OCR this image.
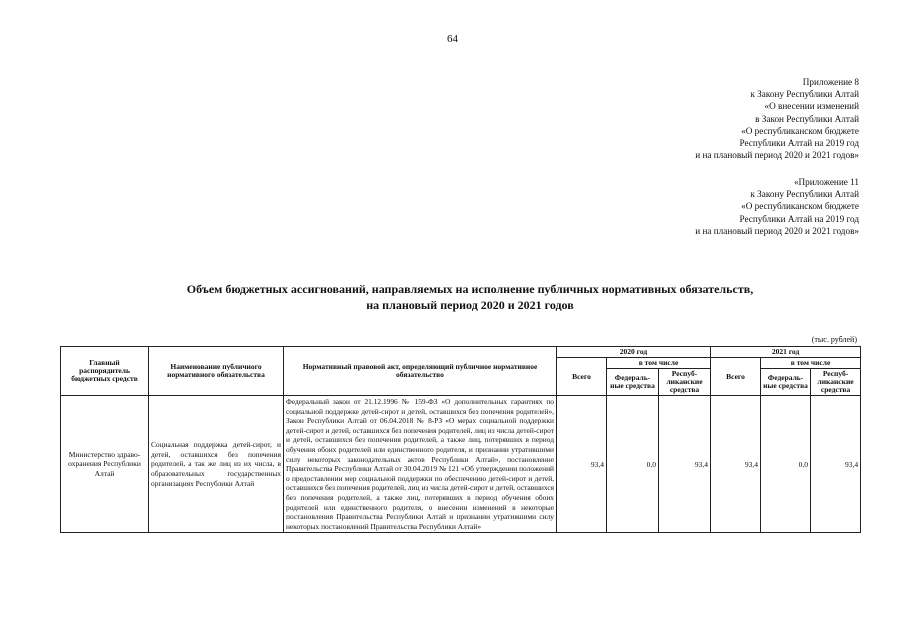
64
Приложение 8
к Закону Республики Алтай
«О внесении изменений
в Закон Республики Алтай
«О республиканском бюджете
Республики Алтай на 2019 год
и на плановый период 2020 и 2021 годов»
«Приложение 11
к Закону Республики Алтай
«О республиканском бюджете
Республики Алтай на 2019 год
и на плановый период 2020 и 2021 годов»
Объем бюджетных ассигнований, направляемых на исполнение публичных нормативных обязательств,
на плановый период 2020 и 2021 годов
(тыс. рублей)
Главный распорядитель бюджетных средств	Наименование публичного нормативного обязательства	Нормативный правовой акт, определяющий публичное нормативное обязательство	2020 год			2021 год		
			Всего	в том числе		Всего	в том числе	
				Федераль-ные средства	Респуб-ликанские средства		Федераль-ные средства	Респуб-ликанские средства
Министерство здраво-охранения Республики Алтай	Социальная поддержка детей-сирот, и детей, оставшихся без попечения родителей, а так же лиц из их числа, в образовательных государственных организациях Республики Алтай	Федеральный закон от 21.12.1996 № 159-ФЗ «О дополнительных гарантиях по социальной поддержке детей-сирот и детей, оставшихся без попечения родителей», Закон Республики Алтай от 06.04.2018 № 8-РЗ «О мерах социальной поддержки детей-сирот и детей, оставшихся без попечения родителей, лиц из числа детей-сирот и детей, оставшихся без попечения родителей, а также лиц, потерявших в период обучения обоих родителей или единственного родителя, и признании утратившими силу некоторых законодательных актов Республики Алтай», постановление Правительства Республики Алтай от 30.04.2019 № 121 «Об утверждении положений о предоставлении мер социальной поддержки по обеспечению детей-сирот и детей, оставшихся без попечения родителей, лиц из числа детей-сирот и детей, оставшихся без попечения родителей, а также лиц, потерявших в период обучения обоих родителей или единственного родителя, о внесении изменений в некоторые постановления Правительства Республики Алтай и признании утратившими силу некоторых постановлений Правительства Республики Алтай»	93,4	0,0	93,4	93,4	0,0	93,4
